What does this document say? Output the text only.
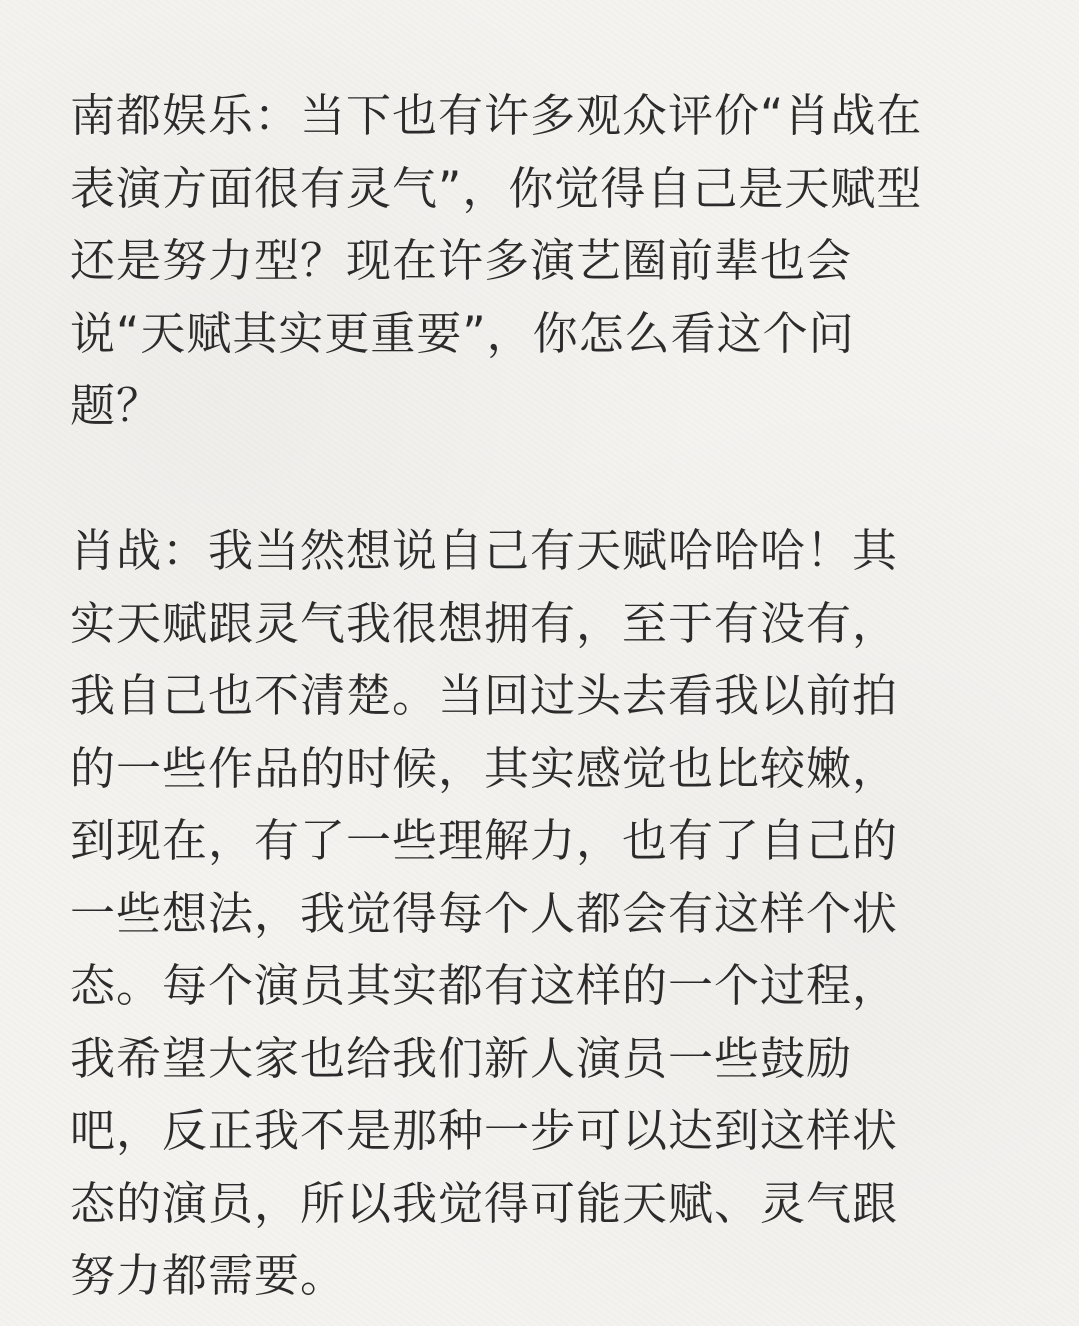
南都娱乐：当下也有许多观众评价“肖战在
表演方面很有灵气”，你觉得自己是天赋型
还是努力型？现在许多演艺圈前辈也会
说“天赋其实更重要”，你怎么看这个问
题？
肖战：我当然想说自己有天赋哈哈哈！其
实天赋跟灵气我很想拥有，至于有没有，
我自己也不清楚。当回过头去看我以前拍
的一些作品的时候，其实感觉也比较嫩，
到现在，有了一些理解力，也有了自己的
一些想法，我觉得每个人都会有这样个状
态。每个演员其实都有这样的一个过程，
我希望大家也给我们新人演员一些鼓励
吧，反正我不是那种一步可以达到这样状
态的演员，所以我觉得可能天赋、灵气跟
努力都需要。
